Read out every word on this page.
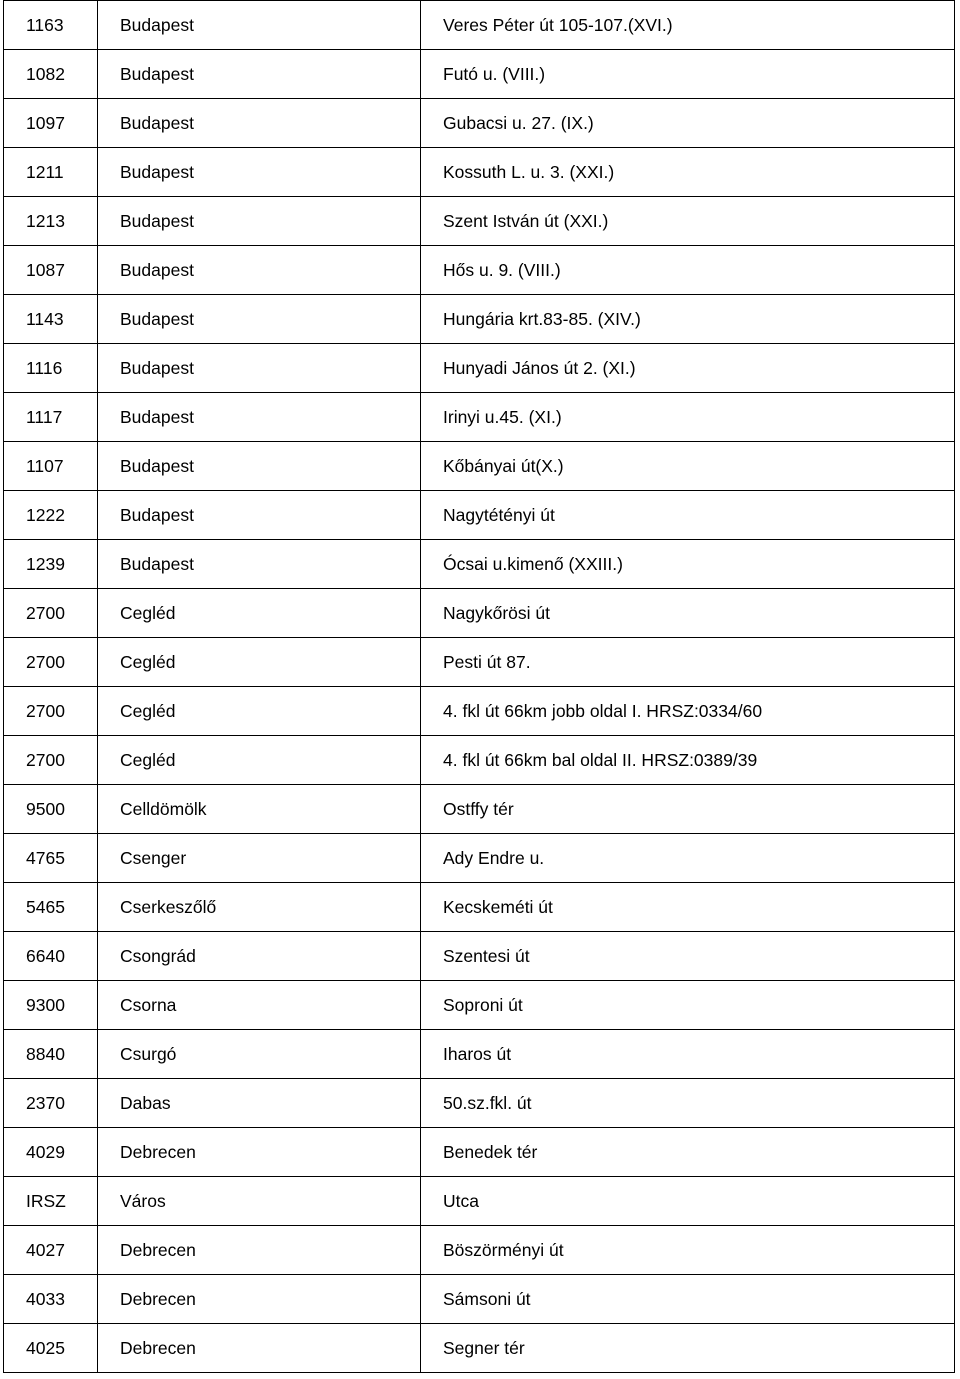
1163	Budapest	Veres Péter út 105-107.(XVI.)
1082	Budapest	Futó u. (VIII.)
1097	Budapest	Gubacsi u. 27. (IX.)
1211	Budapest	Kossuth L. u. 3. (XXI.)
1213	Budapest	Szent István út (XXI.)
1087	Budapest	Hős u. 9. (VIII.)
1143	Budapest	Hungária krt.83-85. (XIV.)
1116	Budapest	Hunyadi János út 2. (XI.)
1117	Budapest	Irinyi u.45. (XI.)
1107	Budapest	Kőbányai út(X.)
1222	Budapest	Nagytétényi út
1239	Budapest	Ócsai u.kimenő (XXIII.)
2700	Cegléd	Nagykőrösi út
2700	Cegléd	Pesti út 87.
2700	Cegléd	4. fkl út 66km jobb oldal I. HRSZ:0334/60
2700	Cegléd	4. fkl út 66km bal oldal II. HRSZ:0389/39
9500	Celldömölk	Ostffy tér
4765	Csenger	Ady Endre u.
5465	Cserkeszőlő	Kecskeméti út
6640	Csongrád	Szentesi út
9300	Csorna	Soproni út
8840	Csurgó	Iharos út
2370	Dabas	50.sz.fkl. út
4029	Debrecen	Benedek tér
IRSZ	Város	Utca
4027	Debrecen	Böszörményi út
4033	Debrecen	Sámsoni út
4025	Debrecen	Segner tér
